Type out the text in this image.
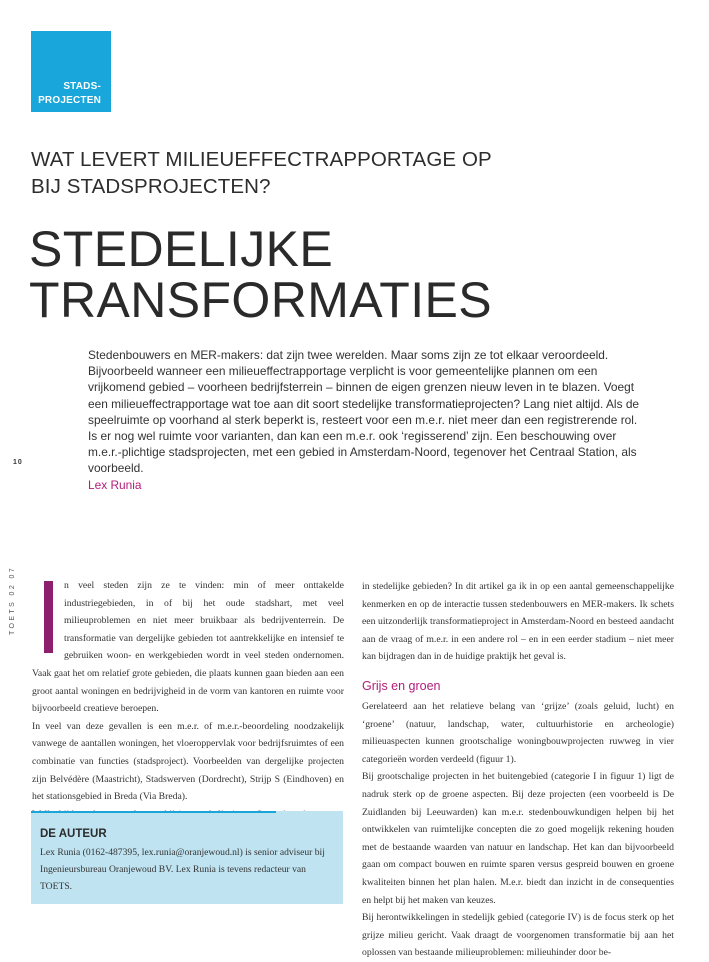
STADS-
PROJECTEN
WAT LEVERT MILIEUEFFECTRAPPORTAGE OP
BIJ STADSPROJECTEN?
STEDELIJKE
TRANSFORMATIES
Stedenbouwers en MER-makers: dat zijn twee werelden. Maar soms zijn ze tot elkaar veroordeeld. Bijvoorbeeld wanneer een milieueffectrapportage verplicht is voor gemeentelijke plannen om een vrijkomend gebied – voorheen bedrijfsterrein – binnen de eigen grenzen nieuw leven in te blazen. Voegt een milieueffectrapportage wat toe aan dit soort stedelijke transformatieprojecten? Lang niet altijd. Als de speelruimte op voorhand al sterk beperkt is, resteert voor een m.e.r. niet meer dan een registrerende rol. Is er nog wel ruimte voor varianten, dan kan een m.e.r. ook ‘regisserend’ zijn. Een beschouwing over m.e.r.-plichtige stadsprojecten, met een gebied in Amsterdam-Noord, tegenover het Centraal Station, als voorbeeld.
Lex Runia
10
TOETS 02 07	n veel steden zijn ze te vinden: min of meer onttakelde industriegebieden, in of bij het oude stadshart, met veel milieuproblemen en niet meer bruikbaar als bedrijventerrein. De transformatie van dergelijke gebieden tot aantrekkelijke en intensief te gebruiken woon- en werkgebieden wordt in veel steden ondernomen. Vaak gaat het om relatief grote gebieden, die plaats kunnen gaan bieden aan een groot aantal woningen en bedrijvigheid in de vorm van kantoren en ruimte voor bijvoorbeeld creatieve beroepen.

In veel van deze gevallen is een m.e.r. of m.e.r.-beoordeling noodzakelijk vanwege de aantallen woningen, het vloeroppervlak voor bedrijfsruimtes of een combinatie van functies (stadsproject). Voorbeelden van dergelijke projecten zijn Belvédère (Maastricht), Stadswerven (Dordrecht), Strijp S (Eindhoven) en het stationsgebied in Breda (Via Breda).

in stedelijke gebieden? In dit artikel ga ik in op een aantal gemeenschappelijke kenmerken en op de interactie tussen stedenbouwers en MER-makers. Ik schets een uitzonderlijk transformatieproject in Amsterdam-Noord en besteed aandacht aan de vraag of m.e.r. in een andere rol – en in een eerder stadium – niet meer kan bijdragen dan in de huidige praktijk het geval is.

Grijs en groen

Gerelateerd aan het relatieve belang van ‘grijze’ (zoals geluid, lucht) en ‘groene’ (natuur, landschap, water, cultuurhistorie en archeologie) milieuaspecten kunnen grootschalige woningbouwprojecten ruwweg in vier categorieën worden verdeeld (figuur 1).

Bij grootschalige projecten in het buitengebied (categorie I in figuur 1) ligt de nadruk sterk op de groene aspecten. Bij deze projecten (een voorbeeld is De Zuidlanden bij Leeuwarden) kan m.e.r. stedenbouwkundigen helpen bij het ontwikkelen van ruimtelijke concepten die zo goed mogelijk rekening houden met de bestaande waarden van natuur en landschap. Het kan dan bijvoorbeeld gaan om compact bouwen en ruimte sparen versus gespreid bouwen en groene kwaliteiten binnen het plan halen. M.e.r. biedt dan inzicht in de consequenties en helpt bij het maken van keuzes.

Bij herontwikkelingen in stedelijk gebied (categorie IV) is de focus sterk op het grijze milieu gericht. Vaak draagt de voorgenomen transformatie bij aan het oplossen van bestaande milieuproblemen: milieuhinder door be-

DE AUTEUR
Lex Runia (0162-487395, lex.runia@oranjewoud.nl) is senior adviseur bij Ingenieursbureau Oranjewoud BV. Lex Runia is tevens redacteur van TOETS.
